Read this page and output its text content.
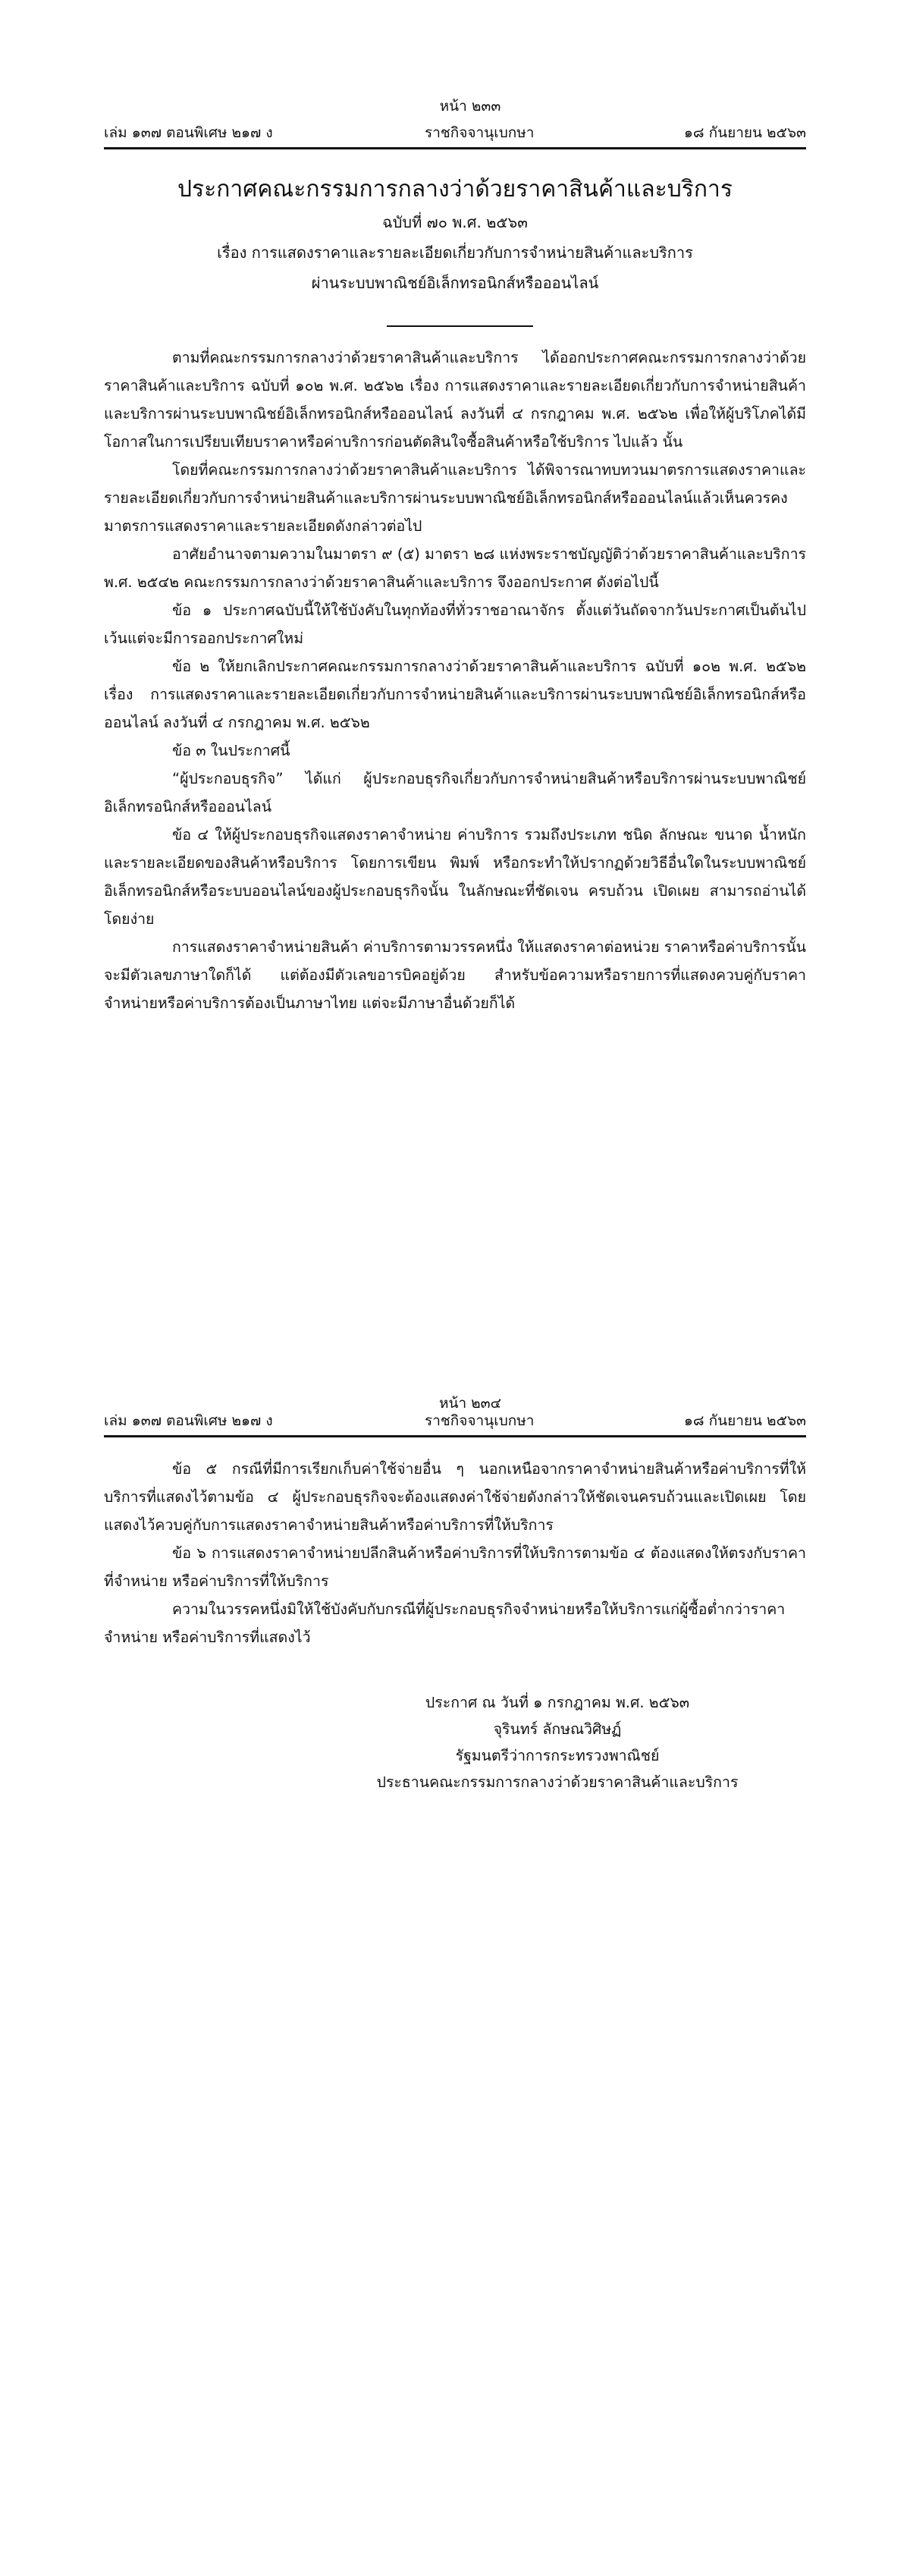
หน้า ๒๓๓
เล่ม ๑๓๗ ตอนพิเศษ ๒๑๗ ง	ราชกิจจานุเบกษา	๑๘ กันยายน ๒๕๖๓
ประกาศคณะกรรมการกลางว่าด้วยราคาสินค้าและบริการ
ฉบับที่ ๗๐ พ.ศ. ๒๕๖๓
เรื่อง การแสดงราคาและรายละเอียดเกี่ยวกับการจำหน่ายสินค้าและบริการ
ผ่านระบบพาณิชย์อิเล็กทรอนิกส์หรือออนไลน์

ตามที่คณะกรรมการกลางว่าด้วยราคาสินค้าและบริการ ได้ออกประกาศคณะกรรมการกลางว่าด้วยราคาสินค้าและบริการ ฉบับที่ ๑๐๒ พ.ศ. ๒๕๖๒ เรื่อง การแสดงราคาและรายละเอียดเกี่ยวกับการจำหน่ายสินค้าและบริการผ่านระบบพาณิชย์อิเล็กทรอนิกส์หรือออนไลน์ ลงวันที่ ๔ กรกฎาคม พ.ศ. ๒๕๖๒ เพื่อให้ผู้บริโภคได้มีโอกาสในการเปรียบเทียบราคาหรือค่าบริการก่อนตัดสินใจซื้อสินค้าหรือใช้บริการ ไปแล้ว นั้น

โดยที่คณะกรรมการกลางว่าด้วยราคาสินค้าและบริการ ได้พิจารณาทบทวนมาตรการแสดงราคาและรายละเอียดเกี่ยวกับการจำหน่ายสินค้าและบริการผ่านระบบพาณิชย์อิเล็กทรอนิกส์หรือออนไลน์แล้วเห็นควรคงมาตรการแสดงราคาและรายละเอียดดังกล่าวต่อไป

อาศัยอำนาจตามความในมาตรา ๙ (๕) มาตรา ๒๘ แห่งพระราชบัญญัติว่าด้วยราคาสินค้าและบริการ พ.ศ. ๒๕๔๒ คณะกรรมการกลางว่าด้วยราคาสินค้าและบริการ จึงออกประกาศ ดังต่อไปนี้

ข้อ ๑ ประกาศฉบับนี้ให้ใช้บังคับในทุกท้องที่ทั่วราชอาณาจักร ตั้งแต่วันถัดจากวันประกาศเป็นต้นไป เว้นแต่จะมีการออกประกาศใหม่

ข้อ ๒ ให้ยกเลิกประกาศคณะกรรมการกลางว่าด้วยราคาสินค้าและบริการ ฉบับที่ ๑๐๒ พ.ศ. ๒๕๖๒ เรื่อง การแสดงราคาและรายละเอียดเกี่ยวกับการจำหน่ายสินค้าและบริการผ่านระบบพาณิชย์อิเล็กทรอนิกส์หรือออนไลน์ ลงวันที่ ๔ กรกฎาคม พ.ศ. ๒๕๖๒

ข้อ ๓ ในประกาศนี้

“ผู้ประกอบธุรกิจ” ได้แก่ ผู้ประกอบธุรกิจเกี่ยวกับการจำหน่ายสินค้าหรือบริการผ่านระบบพาณิชย์อิเล็กทรอนิกส์หรือออนไลน์

ข้อ ๔ ให้ผู้ประกอบธุรกิจแสดงราคาจำหน่าย ค่าบริการ รวมถึงประเภท ชนิด ลักษณะ ขนาด น้ำหนัก และรายละเอียดของสินค้าหรือบริการ โดยการเขียน พิมพ์ หรือกระทำให้ปรากฏด้วยวิธีอื่นใดในระบบพาณิชย์อิเล็กทรอนิกส์หรือระบบออนไลน์ของผู้ประกอบธุรกิจนั้น ในลักษณะที่ชัดเจน ครบถ้วน เปิดเผย สามารถอ่านได้โดยง่าย

การแสดงราคาจำหน่ายสินค้า ค่าบริการตามวรรคหนึ่ง ให้แสดงราคาต่อหน่วย ราคาหรือค่าบริการนั้นจะมีตัวเลขภาษาใดก็ได้ แต่ต้องมีตัวเลขอารบิคอยู่ด้วย สำหรับข้อความหรือรายการที่แสดงควบคู่กับราคาจำหน่ายหรือค่าบริการต้องเป็นภาษาไทย แต่จะมีภาษาอื่นด้วยก็ได้

หน้า ๒๓๔
เล่ม ๑๓๗ ตอนพิเศษ ๒๑๗ ง	ราชกิจจานุเบกษา	๑๘ กันยายน ๒๕๖๓

ข้อ ๕ กรณีที่มีการเรียกเก็บค่าใช้จ่ายอื่น ๆ นอกเหนือจากราคาจำหน่ายสินค้าหรือค่าบริการที่ให้บริการที่แสดงไว้ตามข้อ ๔ ผู้ประกอบธุรกิจจะต้องแสดงค่าใช้จ่ายดังกล่าวให้ชัดเจนครบถ้วนและเปิดเผย โดยแสดงไว้ควบคู่กับการแสดงราคาจำหน่ายสินค้าหรือค่าบริการที่ให้บริการ

ข้อ ๖ การแสดงราคาจำหน่ายปลีกสินค้าหรือค่าบริการที่ให้บริการตามข้อ ๔ ต้องแสดงให้ตรงกับราคาที่จำหน่าย หรือค่าบริการที่ให้บริการ

ความในวรรคหนึ่งมิให้ใช้บังคับกับกรณีที่ผู้ประกอบธุรกิจจำหน่ายหรือให้บริการแก่ผู้ซื้อต่ำกว่าราคาจำหน่าย หรือค่าบริการที่แสดงไว้

ประกาศ ณ วันที่ ๑ กรกฎาคม พ.ศ. ๒๕๖๓
จุรินทร์ ลักษณวิศิษฏ์
รัฐมนตรีว่าการกระทรวงพาณิชย์
ประธานคณะกรรมการกลางว่าด้วยราคาสินค้าและบริการ
